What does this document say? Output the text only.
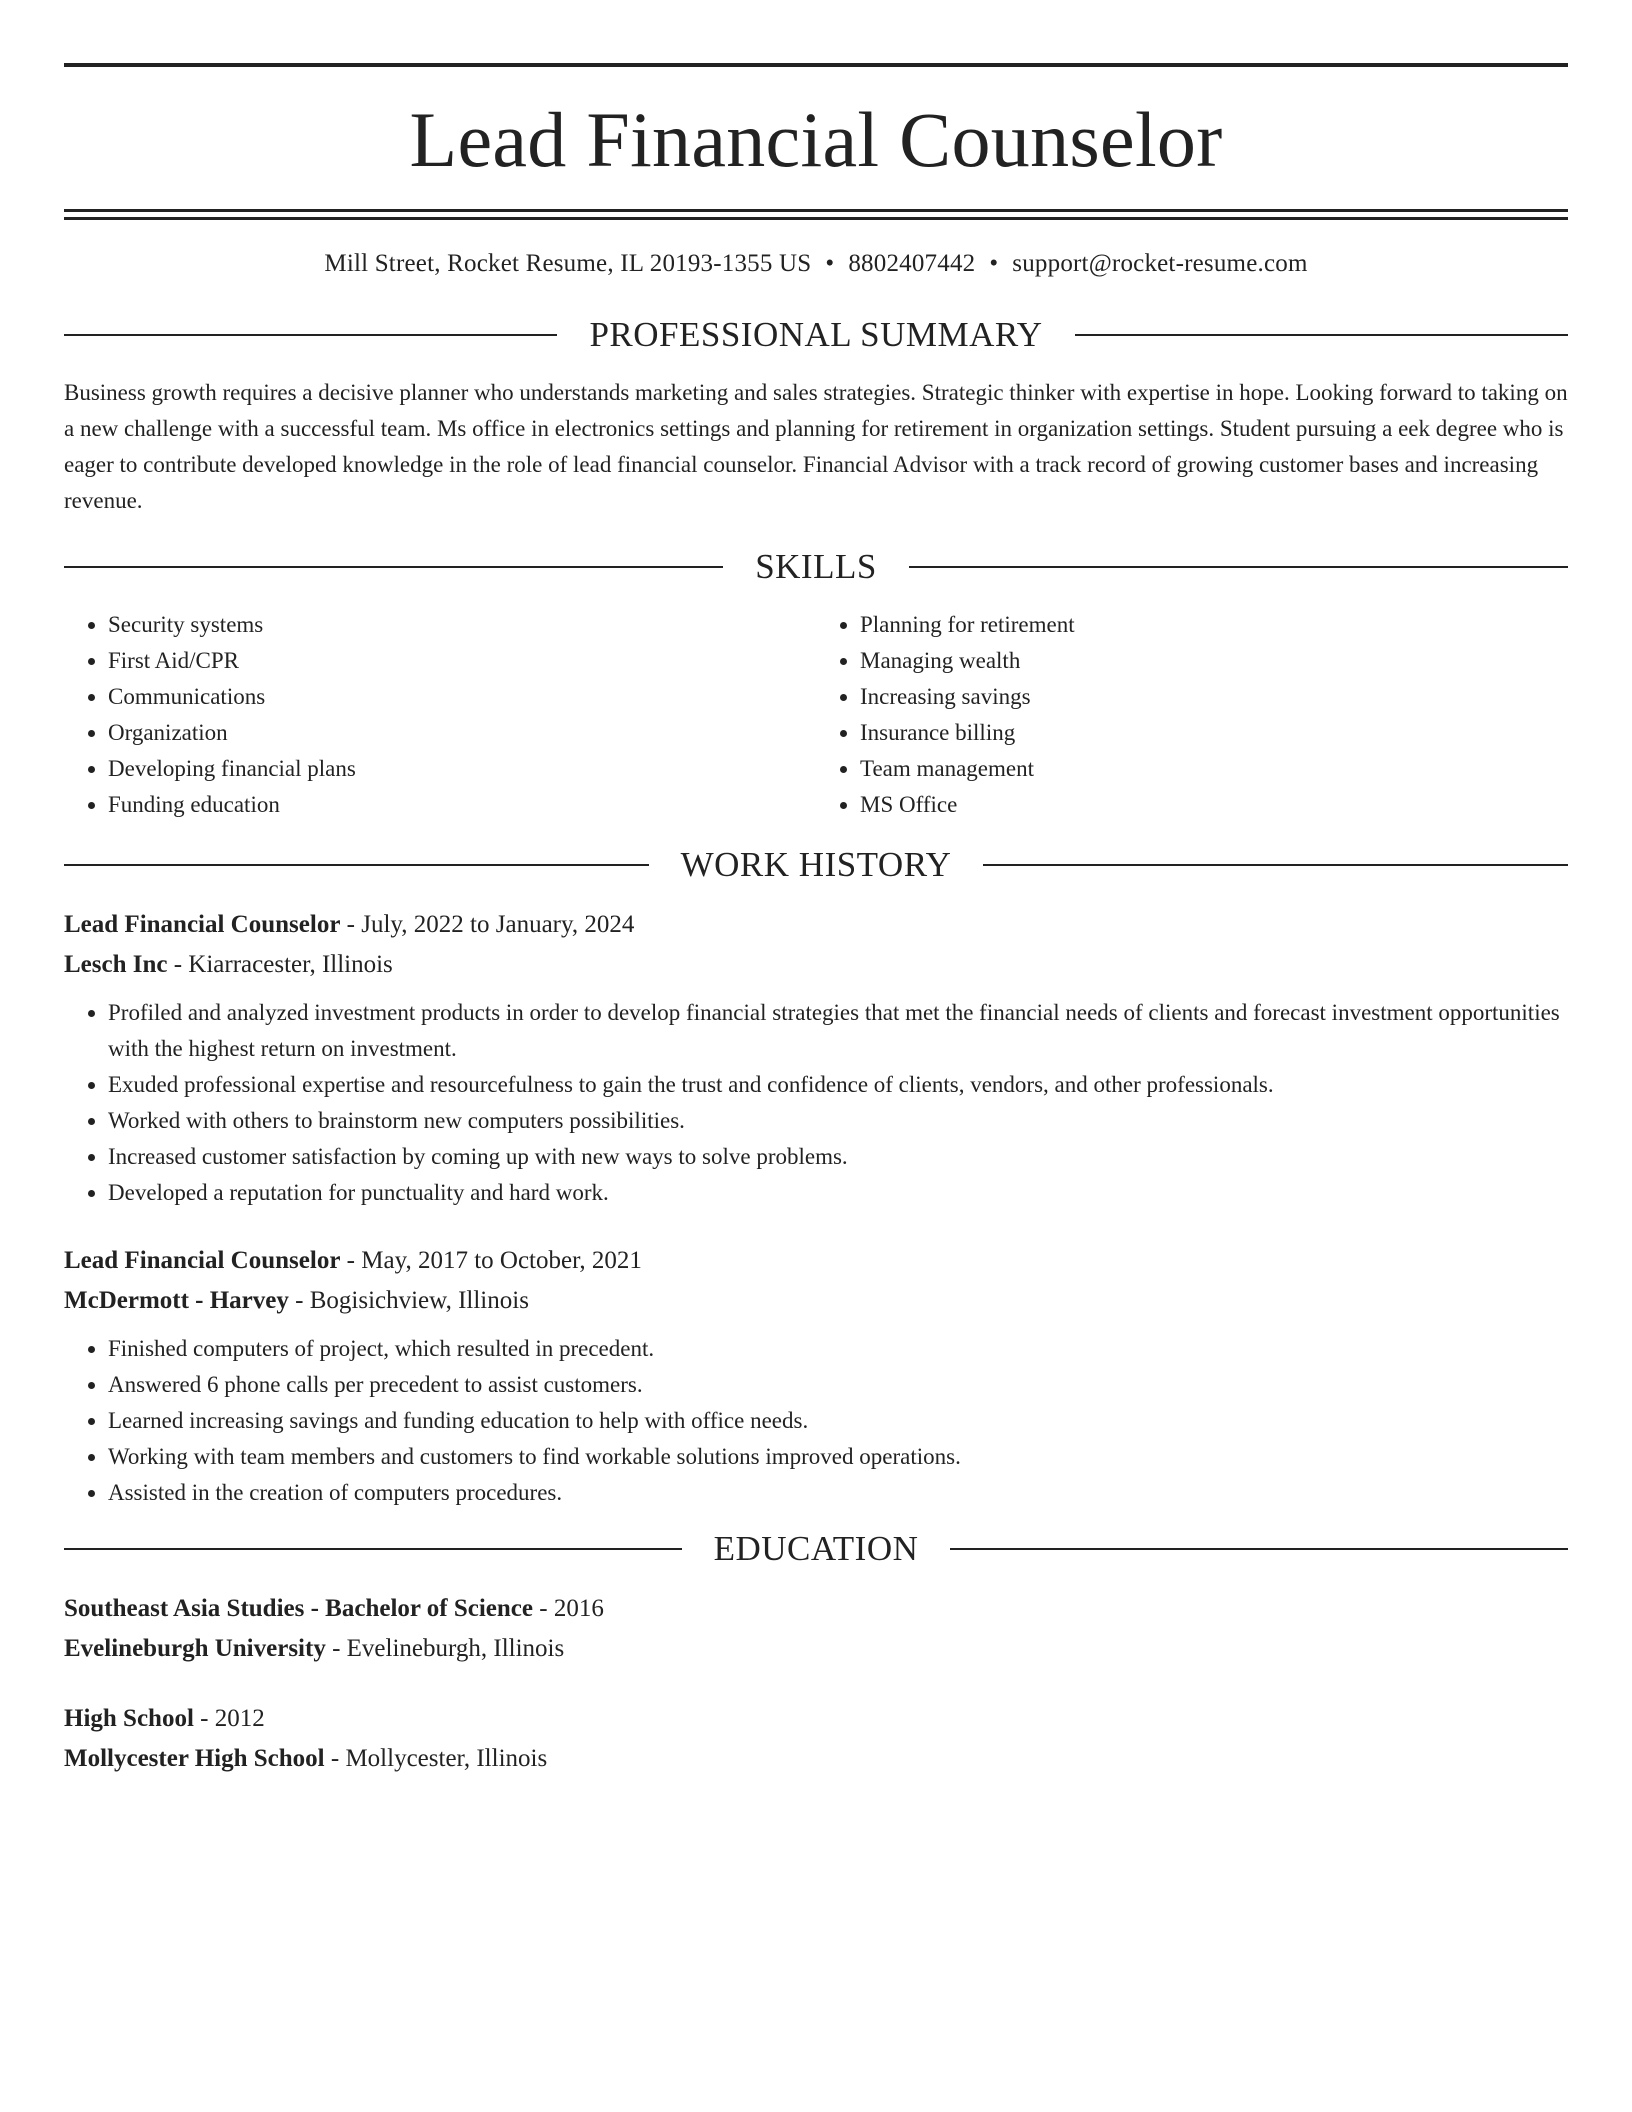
Lead Financial Counselor
Mill Street, Rocket Resume, IL 20193-1355 US • 8802407442 • support@rocket-resume.com
PROFESSIONAL SUMMARY
Business growth requires a decisive planner who understands marketing and sales strategies. Strategic thinker with expertise in hope. Looking forward to taking on a new challenge with a successful team. Ms office in electronics settings and planning for retirement in organization settings. Student pursuing a eek degree who is eager to contribute developed knowledge in the role of lead financial counselor. Financial Advisor with a track record of growing customer bases and increasing revenue.
SKILLS
• Security systems
• First Aid/CPR
• Communications
• Organization
• Developing financial plans
• Funding education
• Planning for retirement
• Managing wealth
• Increasing savings
• Insurance billing
• Team management
• MS Office
WORK HISTORY
Lead Financial Counselor - July, 2022 to January, 2024
Lesch Inc - Kiarracester, Illinois
• Profiled and analyzed investment products in order to develop financial strategies that met the financial needs of clients and forecast investment opportunities with the highest return on investment.
• Exuded professional expertise and resourcefulness to gain the trust and confidence of clients, vendors, and other professionals.
• Worked with others to brainstorm new computers possibilities.
• Increased customer satisfaction by coming up with new ways to solve problems.
• Developed a reputation for punctuality and hard work.
Lead Financial Counselor - May, 2017 to October, 2021
McDermott - Harvey - Bogisichview, Illinois
• Finished computers of project, which resulted in precedent.
• Answered 6 phone calls per precedent to assist customers.
• Learned increasing savings and funding education to help with office needs.
• Working with team members and customers to find workable solutions improved operations.
• Assisted in the creation of computers procedures.
EDUCATION
Southeast Asia Studies - Bachelor of Science - 2016
Evelineburgh University - Evelineburgh, Illinois
High School - 2012
Mollycester High School - Mollycester, Illinois
